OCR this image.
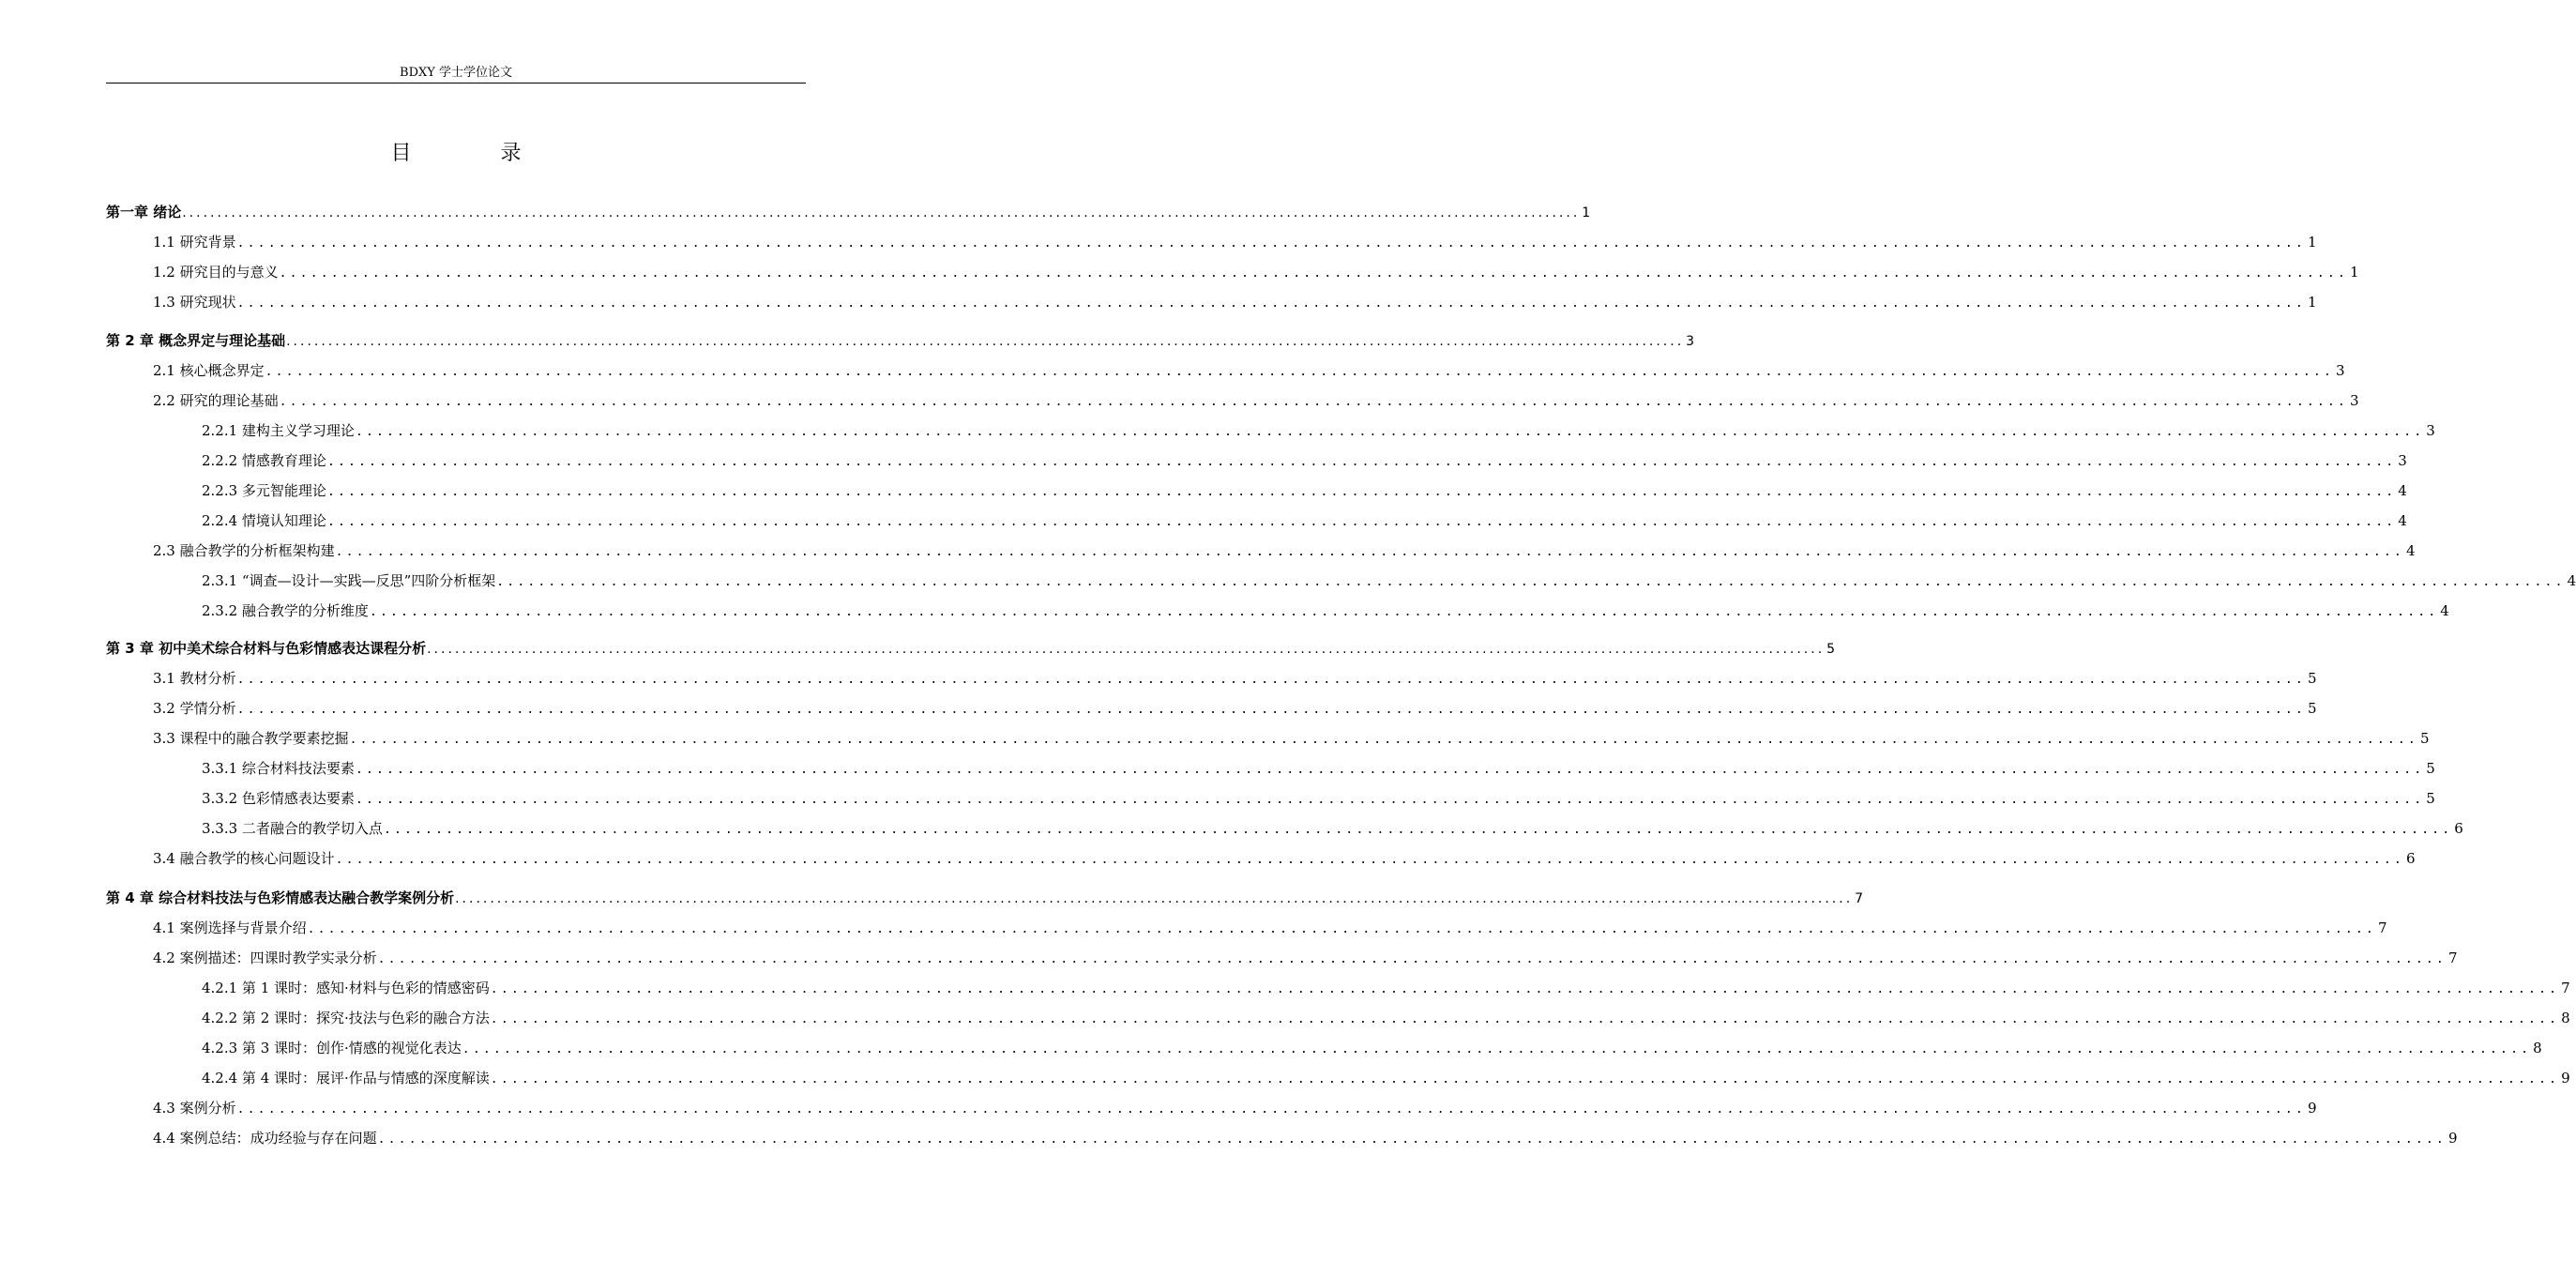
BDXY 学士学位论文
目 录
第一章 绪论 ........................................................................................................................................................................................................ 1
1.1 研究背景 ........................................................................................................................................................................................................ 1
1.2 研究目的与意义 ........................................................................................................................................................................................................ 1
1.3 研究现状 ........................................................................................................................................................................................................ 1
第 2 章 概念界定与理论基础 ........................................................................................................................................................................................................ 3
2.1 核心概念界定 ........................................................................................................................................................................................................ 3
2.2 研究的理论基础 ........................................................................................................................................................................................................ 3
2.2.1 建构主义学习理论 ........................................................................................................................................................................................................ 3
2.2.2 情感教育理论 ........................................................................................................................................................................................................ 3
2.2.3 多元智能理论 ........................................................................................................................................................................................................ 4
2.2.4 情境认知理论 ........................................................................................................................................................................................................ 4
2.3 融合教学的分析框架构建 ........................................................................................................................................................................................................ 4
2.3.1 “调查—设计—实践—反思”四阶分析框架 ........................................................................................................................................................................................................ 4
2.3.2 融合教学的分析维度 ........................................................................................................................................................................................................ 4
第 3 章 初中美术综合材料与色彩情感表达课程分析 ........................................................................................................................................................................................................ 5
3.1 教材分析 ........................................................................................................................................................................................................ 5
3.2 学情分析 ........................................................................................................................................................................................................ 5
3.3 课程中的融合教学要素挖掘 ........................................................................................................................................................................................................ 5
3.3.1 综合材料技法要素 ........................................................................................................................................................................................................ 5
3.3.2 色彩情感表达要素 ........................................................................................................................................................................................................ 5
3.3.3 二者融合的教学切入点 ........................................................................................................................................................................................................ 6
3.4 融合教学的核心问题设计 ........................................................................................................................................................................................................ 6
第 4 章 综合材料技法与色彩情感表达融合教学案例分析 ........................................................................................................................................................................................................ 7
4.1 案例选择与背景介绍 ........................................................................................................................................................................................................ 7
4.2 案例描述：四课时教学实录分析 ........................................................................................................................................................................................................ 7
4.2.1 第 1 课时：感知·材料与色彩的情感密码 ........................................................................................................................................................................................................ 7
4.2.2 第 2 课时：探究·技法与色彩的融合方法 ........................................................................................................................................................................................................ 8
4.2.3 第 3 课时：创作·情感的视觉化表达 ........................................................................................................................................................................................................ 8
4.2.4 第 4 课时：展评·作品与情感的深度解读 ........................................................................................................................................................................................................ 9
4.3 案例分析 ........................................................................................................................................................................................................ 9
4.4 案例总结：成功经验与存在问题 ........................................................................................................................................................................................................ 9
